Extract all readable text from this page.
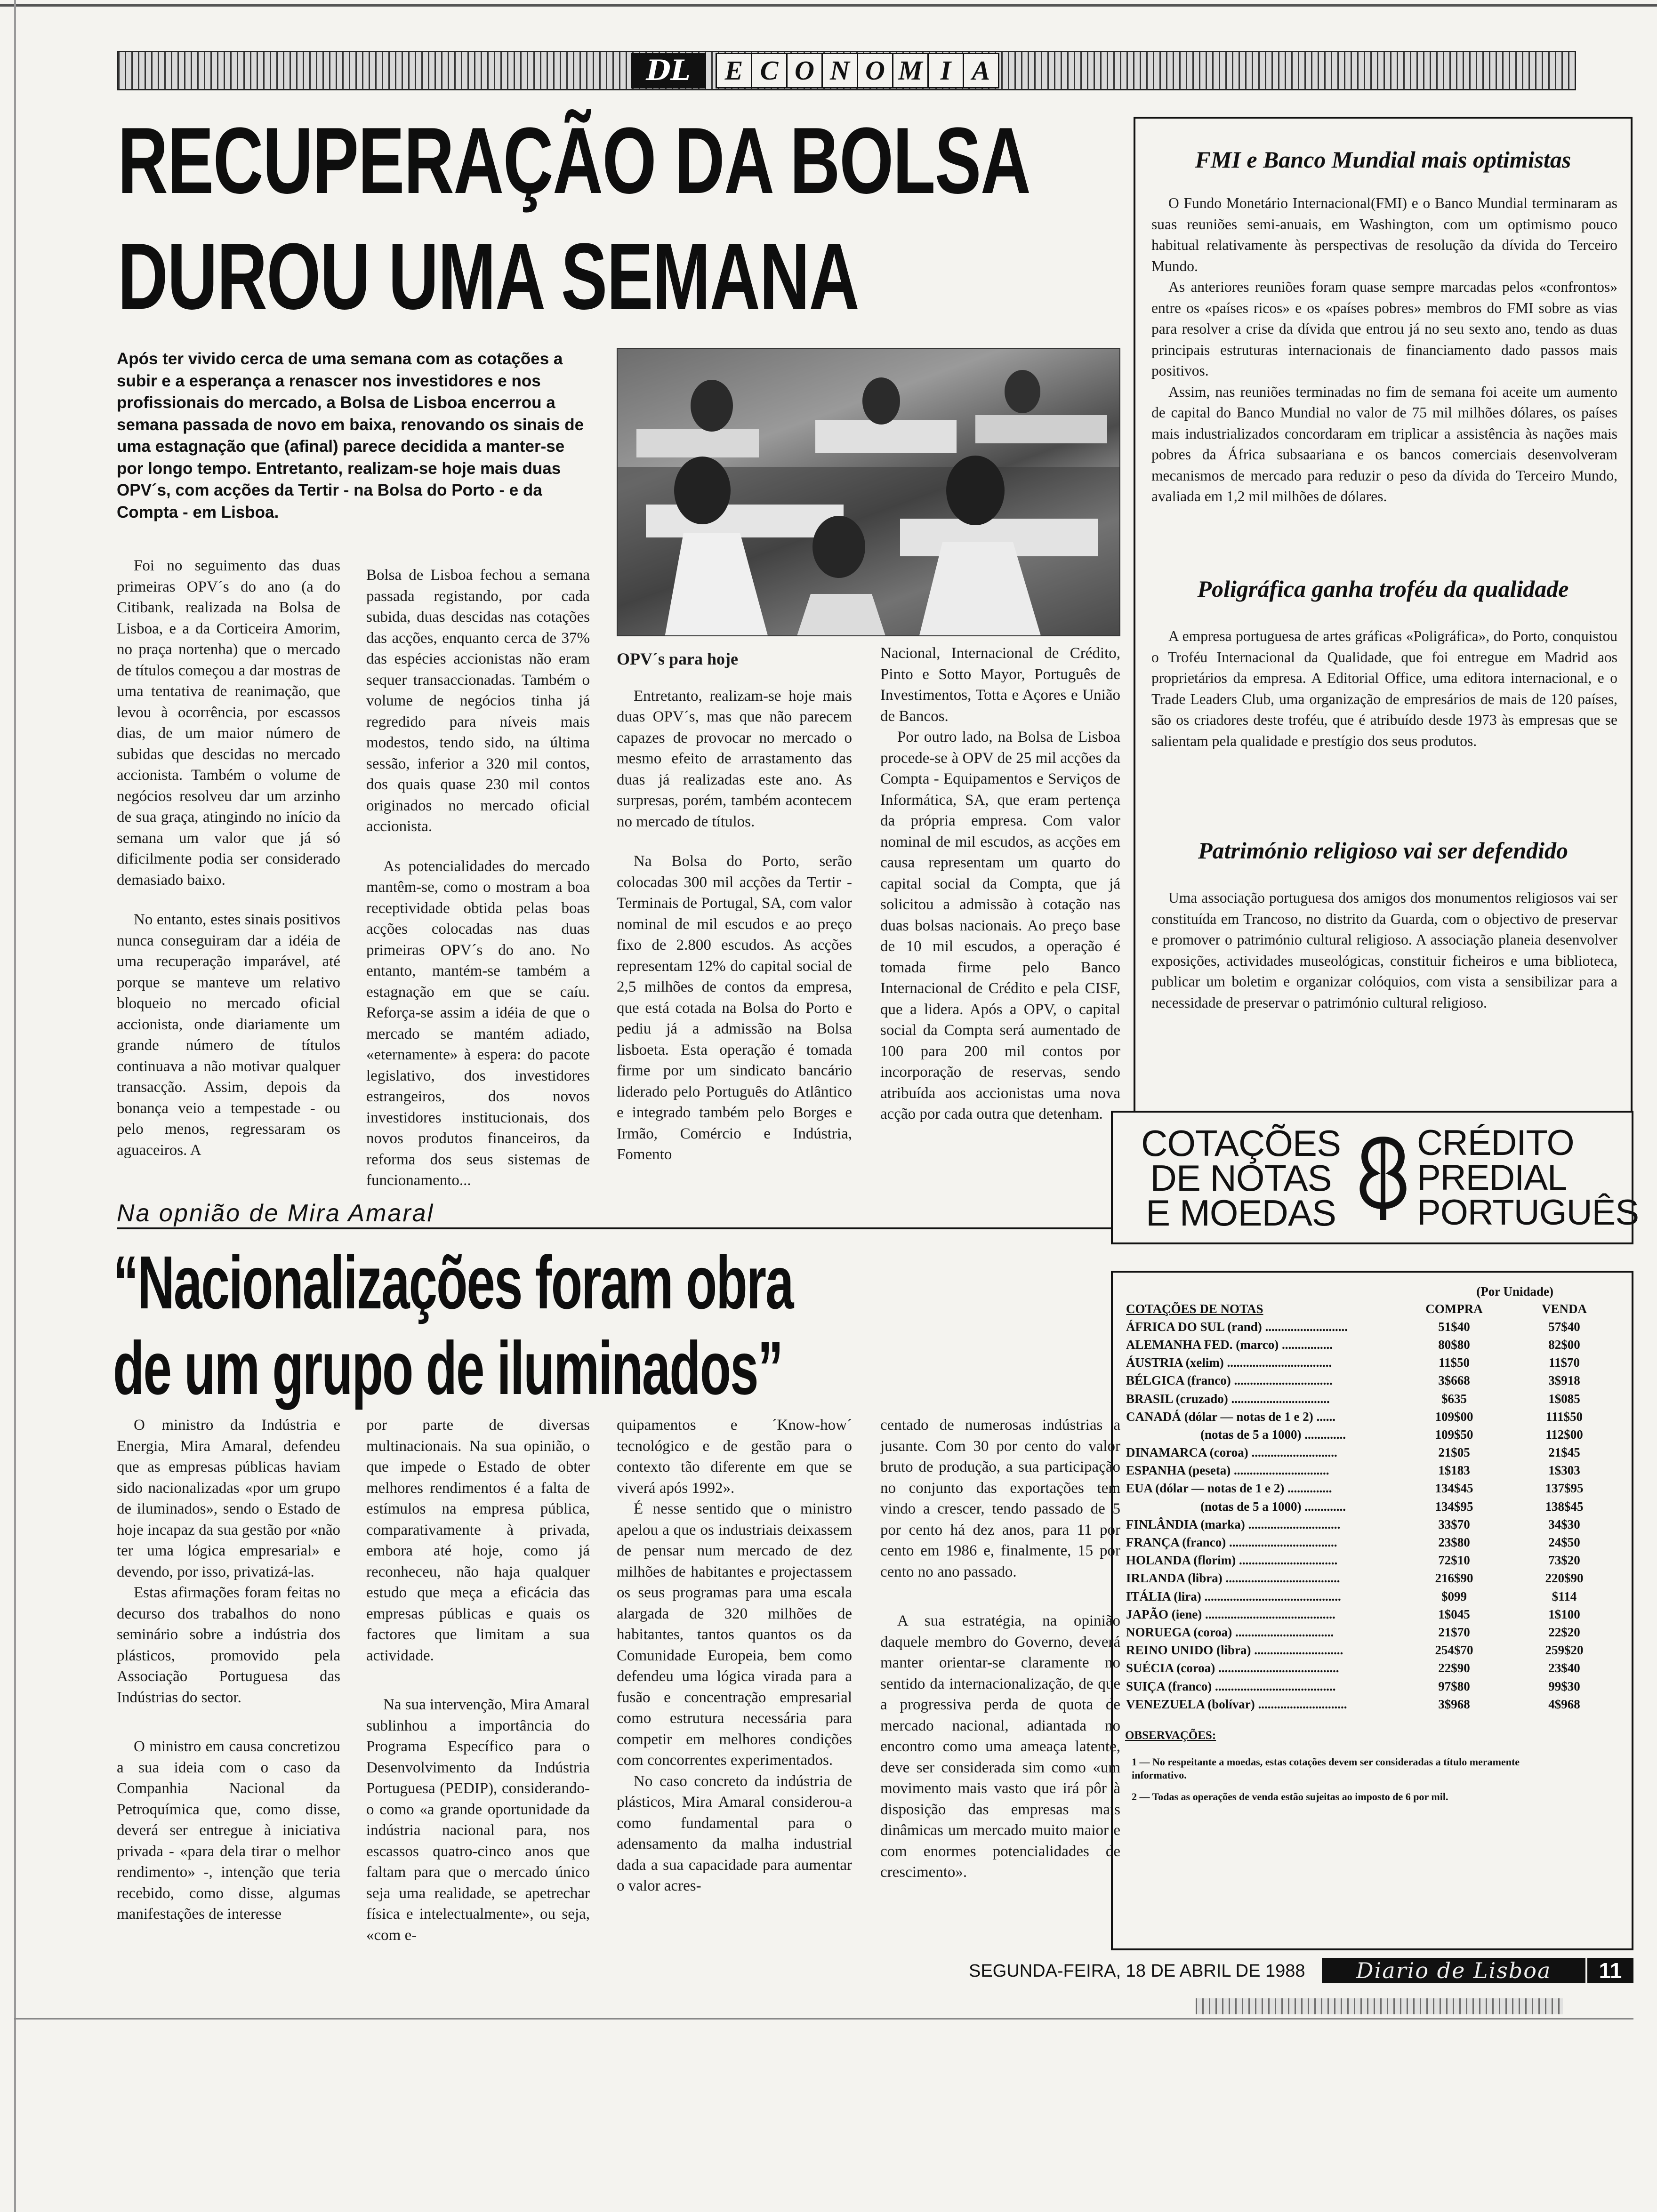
DL	E C O N O M I A
RECUPERAÇÃO DA BOLSA
DUROU UMA SEMANA
Após ter vivido cerca de uma semana com as cotações a subir e a esperança a renascer nos investidores e nos profissionais do mercado, a Bolsa de Lisboa encerrou a semana passada de novo em baixa, renovando os sinais de uma estagnação que (afinal) parece decidida a manter-se por longo tempo. Entretanto, realizam-se hoje mais duas OPV´s, com acções da Tertir - na Bolsa do Porto - e da Compta - em Lisboa.

Foi no seguimento das duas primeiras OPV´s do ano (a do Citibank, realizada na Bolsa de Lisboa, e a da Corticeira Amorim, no praça nortenha) que o mercado de títulos começou a dar mostras de uma tentativa de reanimação, que levou à ocorrência, por escassos dias, de um maior número de subidas que descidas no mercado accionista. Também o volume de negócios resolveu dar um arzinho de sua graça, atingindo no início da semana um valor que já só dificilmente podia ser considerado demasiado baixo.

No entanto, estes sinais positivos nunca conseguiram dar a idéia de uma recuperação imparável, até porque se manteve um relativo bloqueio no mercado oficial accionista, onde diariamente um grande número de títulos continuava a não motivar qualquer transacção. Assim, depois da bonança veio a tempestade - ou pelo menos, regressaram os aguaceiros. A

Bolsa de Lisboa fechou a semana passada registando, por cada subida, duas descidas nas cotações das acções, enquanto cerca de 37% das espécies accionistas não eram sequer transaccionadas. Também o volume de negócios tinha já regredido para níveis mais modestos, tendo sido, na última sessão, inferior a 320 mil contos, dos quais quase 230 mil contos originados no mercado oficial accionista.

As potencialidades do mercado mantêm-se, como o mostram a boa receptividade obtida pelas boas acções colocadas nas duas primeiras OPV´s do ano. No entanto, mantém-se também a estagnação em que se caíu. Reforça-se assim a idéia de que o mercado se mantém adiado, «eternamente» à espera: do pacote legislativo, dos investidores estrangeiros, dos novos investidores institucionais, dos novos produtos financeiros, da reforma dos seus sistemas de funcionamento...

OPV´s para hoje

Entretanto, realizam-se hoje mais duas OPV´s, mas que não parecem capazes de provocar no mercado o mesmo efeito de arrastamento das duas já realizadas este ano. As surpresas, porém, também acontecem no mercado de títulos.

Na Bolsa do Porto, serão colocadas 300 mil acções da Tertir - Terminais de Portugal, SA, com valor nominal de mil escudos e ao preço fixo de 2.800 escudos. As acções representam 12% do capital social de 2,5 milhões de contos da empresa, que está cotada na Bolsa do Porto e pediu já a admissão na Bolsa lisboeta. Esta operação é tomada firme por um sindicato bancário liderado pelo Português do Atlântico e integrado também pelo Borges e Irmão, Comércio e Indústria, Fomento

Nacional, Internacional de Crédito, Pinto e Sotto Mayor, Português de Investimentos, Totta e Açores e União de Bancos.

Por outro lado, na Bolsa de Lisboa procede-se à OPV de 25 mil acções da Compta - Equipamentos e Serviços de Informática, SA, que eram pertença da própria empresa. Com valor nominal de mil escudos, as acções em causa representam um quarto do capital social da Compta, que já solicitou a admissão à cotação nas duas bolsas nacionais. Ao preço base de 10 mil escudos, a operação é tomada firme pelo Banco Internacional de Crédito e pela CISF, que a lidera. Após a OPV, o capital social da Compta será aumentado de 100 para 200 mil contos por incorporação de reservas, sendo atribuída aos accionistas uma nova acção por cada outra que detenham.

Na opnião de Mira Amaral
“Nacionalizações foram obra
de um grupo de iluminados”

O ministro da Indústria e Energia, Mira Amaral, defendeu que as empresas públicas haviam sido nacionalizadas «por um grupo de iluminados», sendo o Estado de hoje incapaz da sua gestão por «não ter uma lógica empresarial» e devendo, por isso, privatizá-las.

Estas afirmações foram feitas no decurso dos trabalhos do nono seminário sobre a indústria dos plásticos, promovido pela Associação Portuguesa das Indústrias do sector.

O ministro em causa concretizou a sua ideia com o caso da Companhia Nacional da Petroquímica que, como disse, deverá ser entregue à iniciativa privada - «para dela tirar o melhor rendimento» -, intenção que teria recebido, como disse, algumas manifestações de interesse

por parte de diversas multinacionais. Na sua opinião, o que impede o Estado de obter melhores rendimentos é a falta de estímulos na empresa pública, comparativamente à privada, embora até hoje, como já reconheceu, não haja qualquer estudo que meça a eficácia das empresas públicas e quais os factores que limitam a sua actividade.

Na sua intervenção, Mira Amaral sublinhou a importância do Programa Específico para o Desenvolvimento da Indústria Portuguesa (PEDIP), considerando-o como «a grande oportunidade da indústria nacional para, nos escassos quatro-cinco anos que faltam para que o mercado único seja uma realidade, se apetrechar física e intelectualmente», ou seja, «com e-

quipamentos e ´Know-how´ tecnológico e de gestão para o contexto tão diferente em que se viverá após 1992».

É nesse sentido que o ministro apelou a que os industriais deixassem de pensar num mercado de dez milhões de habitantes e projectassem os seus programas para uma escala alargada de 320 milhões de habitantes, tantos quantos os da Comunidade Europeia, bem como defendeu uma lógica virada para a fusão e concentração empresarial como estrutura necessária para competir em melhores condições com concorrentes experimentados.

No caso concreto da indústria de plásticos, Mira Amaral considerou-a como fundamental para o adensamento da malha industrial dada a sua capacidade para aumentar o valor acres-

centado de numerosas indústrias a jusante. Com 30 por cento do valor bruto de produção, a sua participação no conjunto das exportações tem vindo a crescer, tendo passado de 5 por cento há dez anos, para 11 por cento em 1986 e, finalmente, 15 por cento no ano passado.

A sua estratégia, na opinião daquele membro do Governo, deverá manter orientar-se claramente no sentido da internacionalização, de que a progressiva perda de quota de mercado nacional, adiantada no encontro como uma ameaça latente, deve ser considerada sim como «um movimento mais vasto que irá pôr à disposição das empresas mais dinâmicas um mercado muito maior e com enormes potencialidades de crescimento».

FMI e Banco Mundial mais optimistas

O Fundo Monetário Internacional(FMI) e o Banco Mundial terminaram as suas reuniões semi-anuais, em Washington, com um optimismo pouco habitual relativamente às perspectivas de resolução da dívida do Terceiro Mundo.

As anteriores reuniões foram quase sempre marcadas pelos «confrontos» entre os «países ricos» e os «países pobres» membros do FMI sobre as vias para resolver a crise da dívida que entrou já no seu sexto ano, tendo as duas principais estruturas internacionais de financiamento dado passos mais positivos.

Assim, nas reuniões terminadas no fim de semana foi aceite um aumento de capital do Banco Mundial no valor de 75 mil milhões dólares, os países mais industrializados concordaram em triplicar a assistência às nações mais pobres da África subsaariana e os bancos comerciais desenvolveram mecanismos de mercado para reduzir o peso da dívida do Terceiro Mundo, avaliada em 1,2 mil milhões de dólares.

Poligráfica ganha troféu da qualidade

A empresa portuguesa de artes gráficas «Poligráfica», do Porto, conquistou o Troféu Internacional da Qualidade, que foi entregue em Madrid aos proprietários da empresa. A Editorial Office, uma editora internacional, e o Trade Leaders Club, uma organização de empresários de mais de 120 países, são os criadores deste troféu, que é atribuído desde 1973 às empresas que se salientam pela qualidade e prestígio dos seus produtos.

Património religioso vai ser defendido

Uma associação portuguesa dos amigos dos monumentos religiosos vai ser constituída em Trancoso, no distrito da Guarda, com o objectivo de preservar e promover o património cultural religioso. A associação planeia desenvolver exposições, actividades museológicas, constituir ficheiros e uma biblioteca, publicar um boletim e organizar colóquios, com vista a sensibilizar para a necessidade de preservar o património cultural religioso.

COTAÇÕES
DE NOTAS
E MOEDAS
CRÉDITO
PREDIAL
PORTUGUÊS
(Por Unidade)
COTAÇÕES DE NOTAS	COMPRA	VENDA
ÁFRICA DO SUL (rand) ..........................	51$40	57$40
ALEMANHA FED. (marco) ................	80$80	82$00
ÁUSTRIA (xelim) .................................	11$50	11$70
BÉLGICA (franco) ...............................	3$668	3$918
BRASIL (cruzado) ...............................	$635	1$085
CANADÁ (dólar — notas de 1 e 2) ......	109$00	111$50
(notas de 5 a 1000) .............	109$50	112$00
DINAMARCA (coroa) ...........................	21$05	21$45
ESPANHA (peseta) ..............................	1$183	1$303
EUA (dólar — notas de 1 e 2) ..............	134$45	137$95
(notas de 5 a 1000) .............	134$95	138$45
FINLÂNDIA (marka) .............................	33$70	34$30
FRANÇA (franco) ..................................	23$80	24$50
HOLANDA (florim) ...............................	72$10	73$20
IRLANDA (libra) ....................................	216$90	220$90
ITÁLIA (lira) ...........................................	$099	$114
JAPÃO (iene) .........................................	1$045	1$100
NORUEGA (coroa) ...............................	21$70	22$20
REINO UNIDO (libra) ............................	254$70	259$20
SUÉCIA (coroa) ......................................	22$90	23$40
SUIÇA (franco) ......................................	97$80	99$30
VENEZUELA (bolívar) ............................	3$968	4$968
OBSERVAÇÕES:
1 — No respeitante a moedas, estas cotações devem ser consideradas a título meramente informativo.
2 — Todas as operações de venda estão sujeitas ao imposto de 6 por mil.
SEGUNDA-FEIRA, 18 DE ABRIL DE 1988	Diario de Lisboa	11
